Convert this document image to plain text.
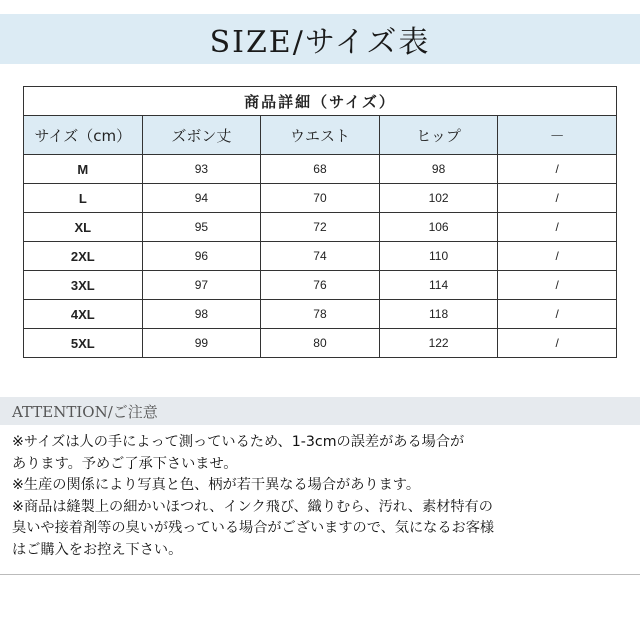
SIZE/サイズ表
商品詳細（サイズ）				
サイズ（cm）	ズボン丈	ウエスト	ヒップ	－
M	93	68	98	/
L	94	70	102	/
XL	95	72	106	/
2XL	96	74	110	/
3XL	97	76	114	/
4XL	98	78	118	/
5XL	99	80	122	/
ATTENTION/ご注意

※サイズは人の手によって測っているため、1-3cmの誤差がある場合が

あります。予めご了承下さいませ。

※生産の関係により写真と色、柄が若干異なる場合があります。

※商品は縫製上の細かいほつれ、インク飛び、織りむら、汚れ、素材特有の

臭いや接着剤等の臭いが残っている場合がございますので、気になるお客様

はご購入をお控え下さい。
